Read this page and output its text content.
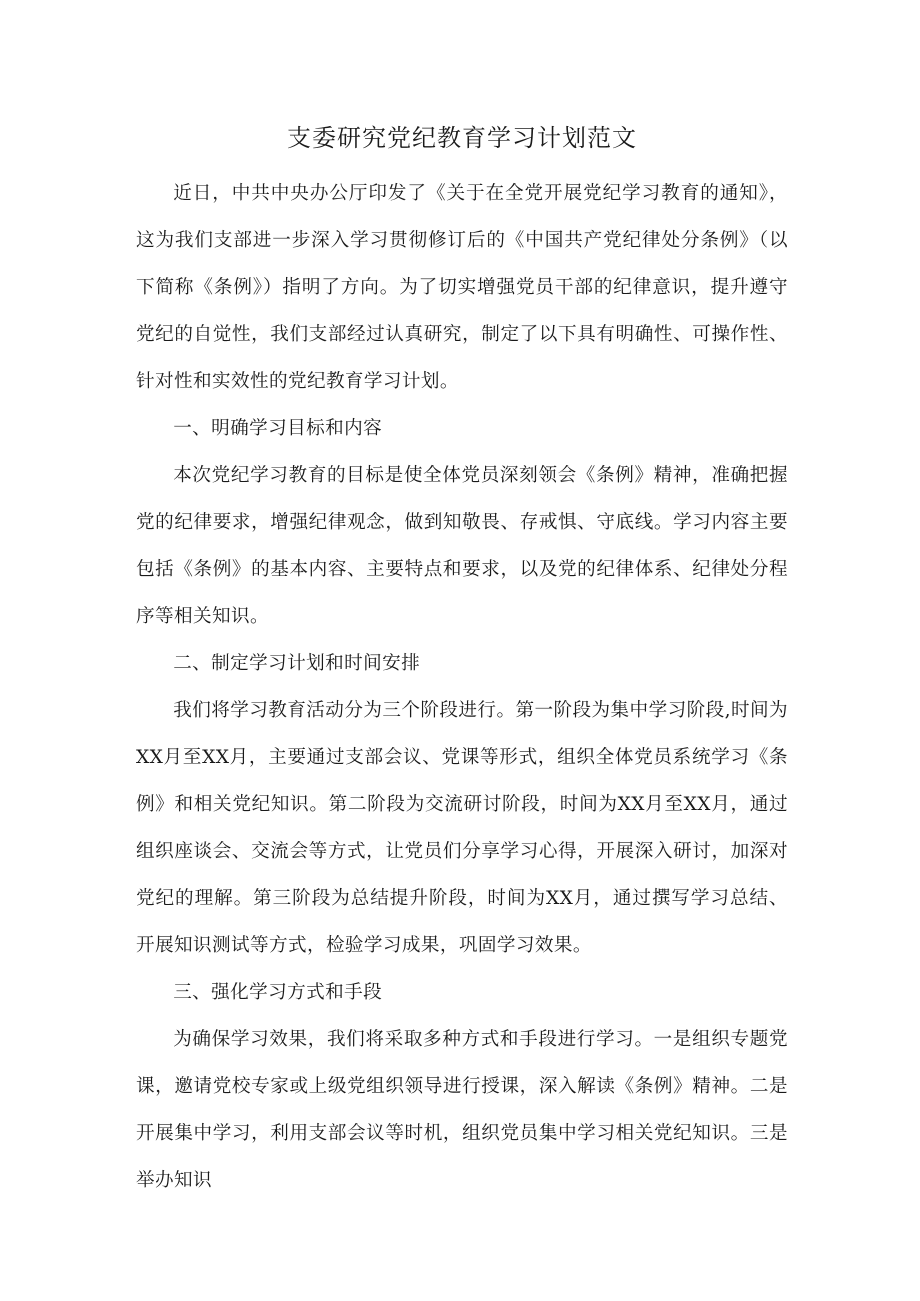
支委研究党纪教育学习计划范文

近日，中共中央办公厅印发了《关于在全党开展党纪学习教育的通知》，这为我们支部进一步深入学习贯彻修订后的《中国共产党纪律处分条例》（以下简称《条例》）指明了方向。为了切实增强党员干部的纪律意识，提升遵守党纪的自觉性，我们支部经过认真研究，制定了以下具有明确性、可操作性、针对性和实效性的党纪教育学习计划。

一、明确学习目标和内容

本次党纪学习教育的目标是使全体党员深刻领会《条例》精神，准确把握党的纪律要求，增强纪律观念，做到知敬畏、存戒惧、守底线。学习内容主要包括《条例》的基本内容、主要特点和要求，以及党的纪律体系、纪律处分程序等相关知识。

二、制定学习计划和时间安排

我们将学习教育活动分为三个阶段进行。第一阶段为集中学习阶段,时间为XX月至XX月，主要通过支部会议、党课等形式，组织全体党员系统学习《条例》和相关党纪知识。第二阶段为交流研讨阶段，时间为XX月至XX月，通过组织座谈会、交流会等方式，让党员们分享学习心得，开展深入研讨，加深对党纪的理解。第三阶段为总结提升阶段，时间为XX月，通过撰写学习总结、开展知识测试等方式，检验学习成果，巩固学习效果。

三、强化学习方式和手段

为确保学习效果，我们将采取多种方式和手段进行学习。一是组织专题党课，邀请党校专家或上级党组织领导进行授课，深入解读《条例》精神。二是开展集中学习，利用支部会议等时机，组织党员集中学习相关党纪知识。三是举办知识
